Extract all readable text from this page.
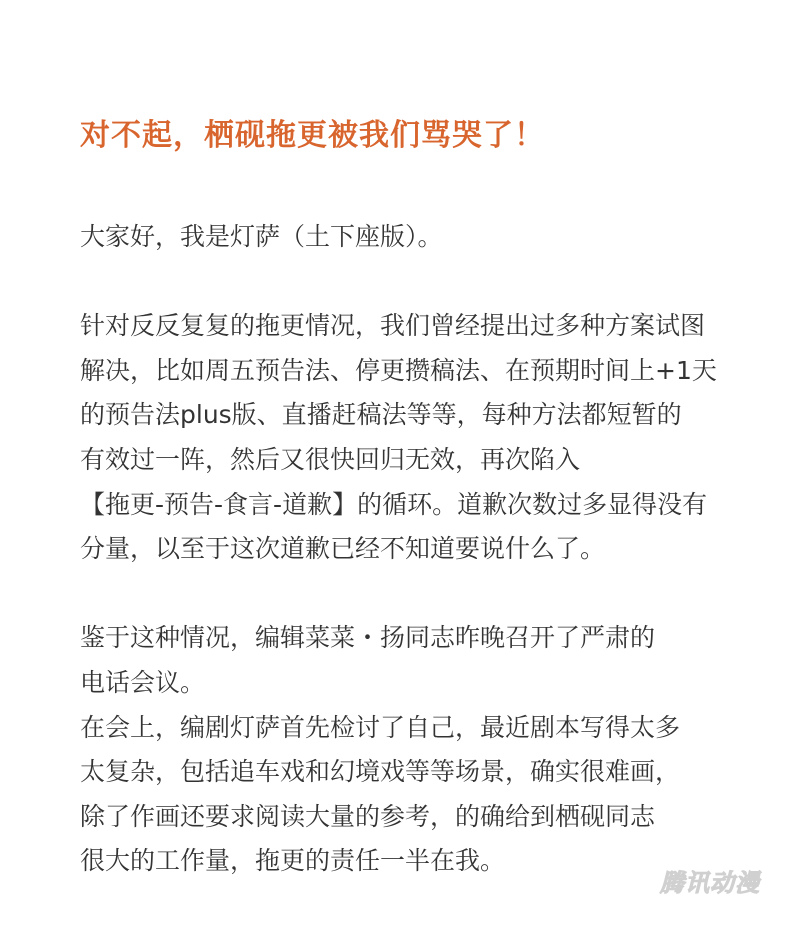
对不起，栖砚拖更被我们骂哭了！
大家好，我是灯萨（土下座版）。
针对反反复复的拖更情况，我们曾经提出过多种方案试图
解决，比如周五预告法、停更攒稿法、在预期时间上+1天
的预告法plus版、直播赶稿法等等，每种方法都短暂的
有效过一阵，然后又很快回归无效，再次陷入
【拖更-预告-食言-道歉】的循环。道歉次数过多显得没有
分量，以至于这次道歉已经不知道要说什么了。
鉴于这种情况，编辑菜菜・扬同志昨晚召开了严肃的
电话会议。
在会上，编剧灯萨首先检讨了自己，最近剧本写得太多
太复杂，包括追车戏和幻境戏等等场景，确实很难画，
除了作画还要求阅读大量的参考，的确给到栖砚同志
很大的工作量，拖更的责任一半在我。
腾讯动漫
